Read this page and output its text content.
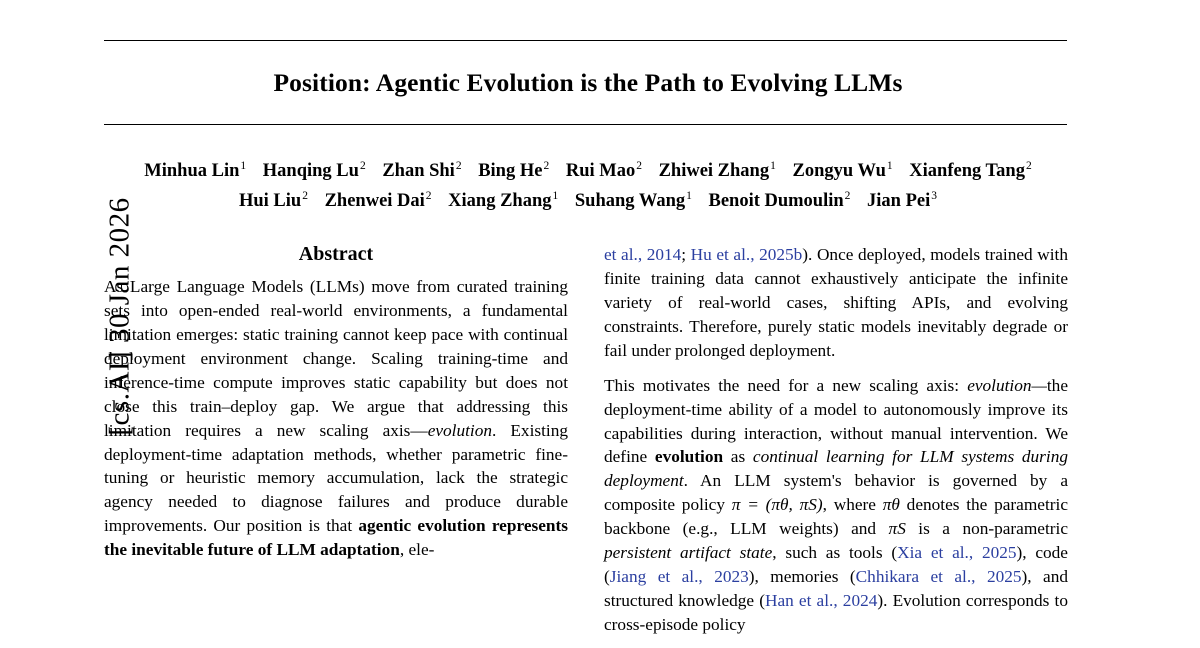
[cs.AI] 30 Jan 2026
Position: Agentic Evolution is the Path to Evolving LLMs
Minhua Lin$^1$ Hanqing Lu$^2$ Zhan Shi$^2$ Bing He$^2$ Rui Mao$^2$ Zhiwei Zhang$^1$ Zongyu Wu$^1$ Xianfeng Tang$^2$
Hui Liu$^2$ Zhenwei Dai$^2$ Xiang Zhang$^1$ Suhang Wang$^1$ Benoit Dumoulin$^2$ Jian Pei$^3$
Abstract

As Large Language Models (LLMs) move from curated training sets into open-ended real-world environments, a fundamental limitation emerges: static training cannot keep pace with continual deployment environment change. Scaling training-time and inference-time compute improves static capability but does not close this train–deploy gap. We argue that addressing this limitation requires a new scaling axis—evolution. Existing deployment-time adaptation methods, whether parametric fine-tuning or heuristic memory accumulation, lack the strategic agency needed to diagnose failures and produce durable improvements. Our position is that agentic evolution represents the inevitable future of LLM adaptation, ele-

et al., 2014; Hu et al., 2025b). Once deployed, models trained with finite training data cannot exhaustively anticipate the infinite variety of real-world cases, shifting APIs, and evolving constraints. Therefore, purely static models inevitably degrade or fail under prolonged deployment.

This motivates the need for a new scaling axis: evolution—the deployment-time ability of a model to autonomously improve its capabilities during interaction, without manual intervention. We define evolution as continual learning for LLM systems during deployment. An LLM system's behavior is governed by a composite policy π = (πθ, πS), where πθ denotes the parametric backbone (e.g., LLM weights) and πS is a non-parametric persistent artifact state, such as tools (Xia et al., 2025), code (Jiang et al., 2023), memories (Chhikara et al., 2025), and structured knowledge (Han et al., 2024). Evolution corresponds to cross-episode policy
